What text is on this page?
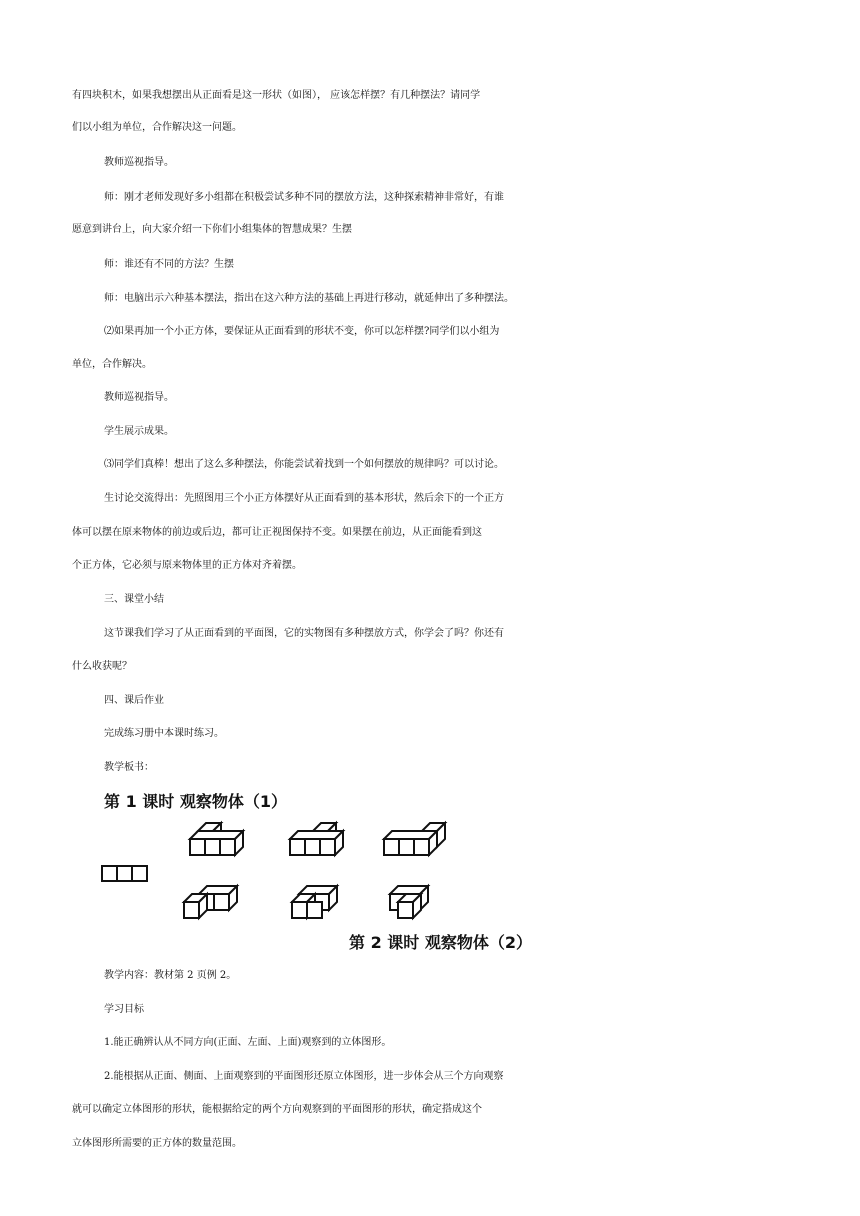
有四块积木，如果我想摆出从正面看是这一形状（如图）， 应该怎样摆？有几种摆法？请同学
们以小组为单位，合作解决这一问题。
教师巡视指导。
师：刚才老师发现好多小组都在积极尝试多种不同的摆放方法，这种探索精神非常好，有谁
愿意到讲台上，向大家介绍一下你们小组集体的智慧成果？生摆
师：谁还有不同的方法？生摆
师：电脑出示六种基本摆法，指出在这六种方法的基础上再进行移动，就延伸出了多种摆法。
⑵如果再加一个小正方体，要保证从正面看到的形状不变，你可以怎样摆?同学们以小组为
单位，合作解决。
教师巡视指导。
学生展示成果。
⑶同学们真棒！想出了这么多种摆法，你能尝试着找到一个如何摆放的规律吗？可以讨论。
生讨论交流得出：先照图用三个小正方体摆好从正面看到的基本形状，然后余下的一个正方
体可以摆在原来物体的前边或后边，都可让正视图保持不变。如果摆在前边，从正面能看到这
个正方体，它必须与原来物体里的正方体对齐着摆。
三、课堂小结
这节课我们学习了从正面看到的平面图，它的实物图有多种摆放方式，你学会了吗？你还有
什么收获呢？
四、课后作业
完成练习册中本课时练习。
教学板书：
第 1 课时 观察物体（1）
第 2 课时 观察物体（2）
教学内容：教材第 2 页例 2。
学习目标
1.能正确辨认从不同方向(正面、左面、上面)观察到的立体图形。
2.能根据从正面、侧面、上面观察到的平面图形还原立体图形，进一步体会从三个方向观察
就可以确定立体图形的形状，能根据给定的两个方向观察到的平面图形的形状，确定搭成这个
立体图形所需要的正方体的数量范围。
